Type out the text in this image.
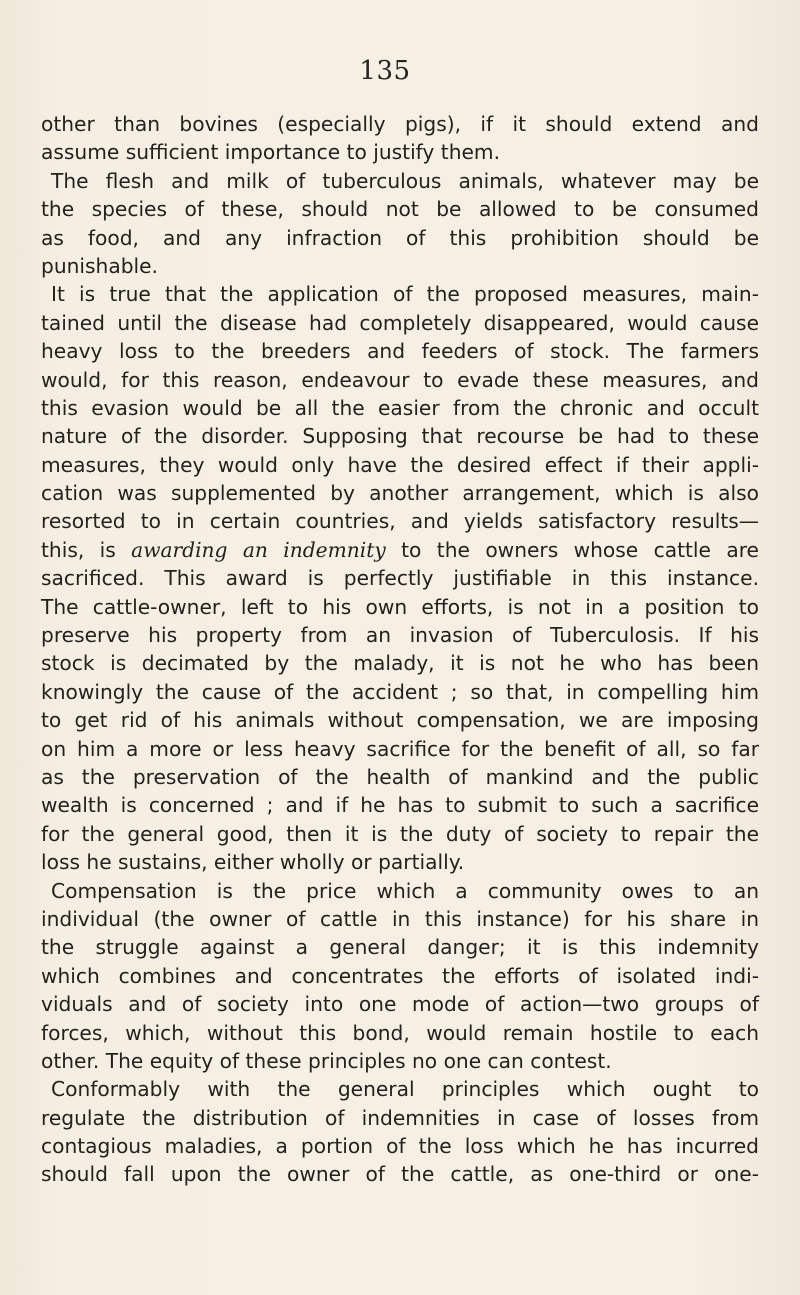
135
other than bovines (especially pigs), if it should extend and
assume sufficient importance to justify them.
The flesh and milk of tuberculous animals, whatever may be
the species of these, should not be allowed to be consumed
as food, and any infraction of this prohibition should be
punishable.
It is true that the application of the proposed measures, main-
tained until the disease had completely disappeared, would cause
heavy loss to the breeders and feeders of stock. The farmers
would, for this reason, endeavour to evade these measures, and
this evasion would be all the easier from the chronic and occult
nature of the disorder. Supposing that recourse be had to these
measures, they would only have the desired effect if their appli-
cation was supplemented by another arrangement, which is also
resorted to in certain countries, and yields satisfactory results—
this, is awarding an indemnity to the owners whose cattle are
sacrificed. This award is perfectly justifiable in this instance.
The cattle-owner, left to his own efforts, is not in a position to
preserve his property from an invasion of Tuberculosis. If his
stock is decimated by the malady, it is not he who has been
knowingly the cause of the accident ; so that, in compelling him
to get rid of his animals without compensation, we are imposing
on him a more or less heavy sacrifice for the benefit of all, so far
as the preservation of the health of mankind and the public
wealth is concerned ; and if he has to submit to such a sacrifice
for the general good, then it is the duty of society to repair the
loss he sustains, either wholly or partially.
Compensation is the price which a community owes to an
individual (the owner of cattle in this instance) for his share in
the struggle against a general danger; it is this indemnity
which combines and concentrates the efforts of isolated indi-
viduals and of society into one mode of action—two groups of
forces, which, without this bond, would remain hostile to each
other. The equity of these principles no one can contest.
Conformably with the general principles which ought to
regulate the distribution of indemnities in case of losses from
contagious maladies, a portion of the loss which he has incurred
should fall upon the owner of the cattle, as one-third or one-
